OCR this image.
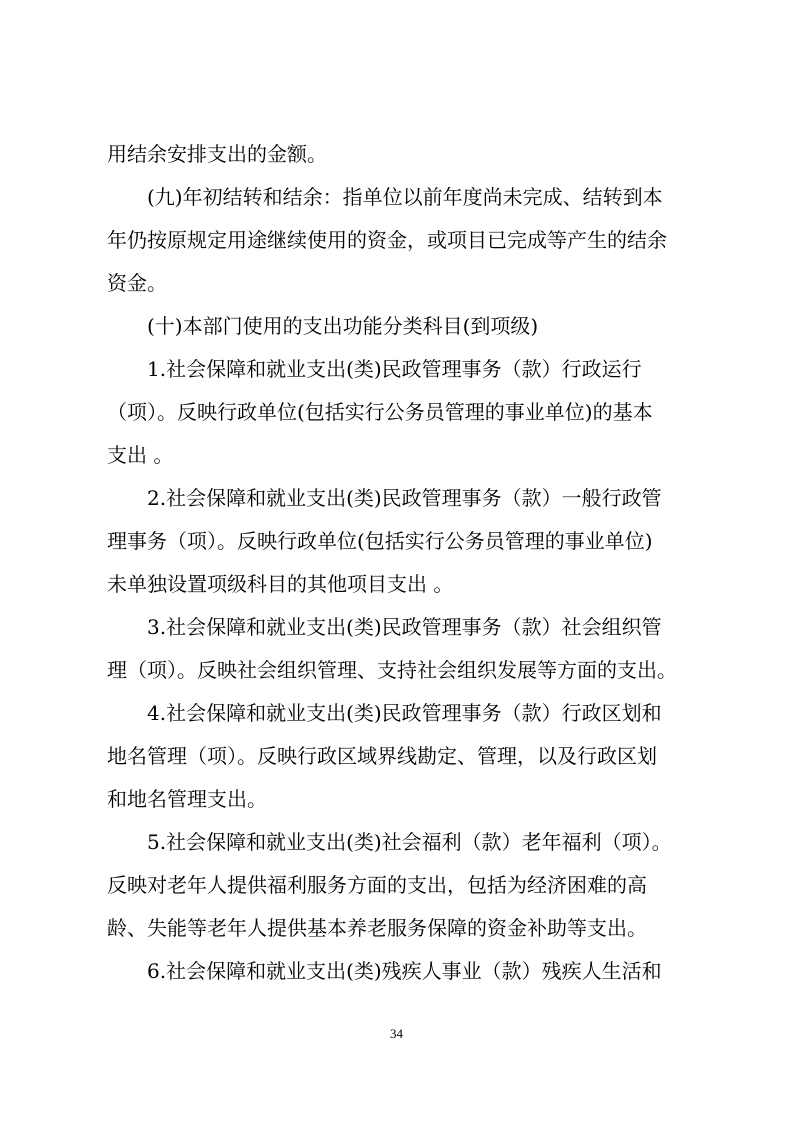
用结余安排支出的金额。
(九)年初结转和结余：指单位以前年度尚未完成、结转到本
年仍按原规定用途继续使用的资金，或项目已完成等产生的结余
资金。
(十)本部门使用的支出功能分类科目(到项级)
1.社会保障和就业支出(类)民政管理事务（款）行政运行
（项）。反映行政单位(包括实行公务员管理的事业单位)的基本
支出 。
2.社会保障和就业支出(类)民政管理事务（款）一般行政管
理事务（项）。反映行政单位(包括实行公务员管理的事业单位)
未单独设置项级科目的其他项目支出 。
3.社会保障和就业支出(类)民政管理事务（款）社会组织管
理（项）。反映社会组织管理、支持社会组织发展等方面的支出。
4.社会保障和就业支出(类)民政管理事务（款）行政区划和
地名管理（项）。反映行政区域界线勘定、管理，以及行政区划
和地名管理支出。
5.社会保障和就业支出(类)社会福利（款）老年福利（项）。
反映对老年人提供福利服务方面的支出，包括为经济困难的高
龄、失能等老年人提供基本养老服务保障的资金补助等支出。
6.社会保障和就业支出(类)残疾人事业（款）残疾人生活和
34
